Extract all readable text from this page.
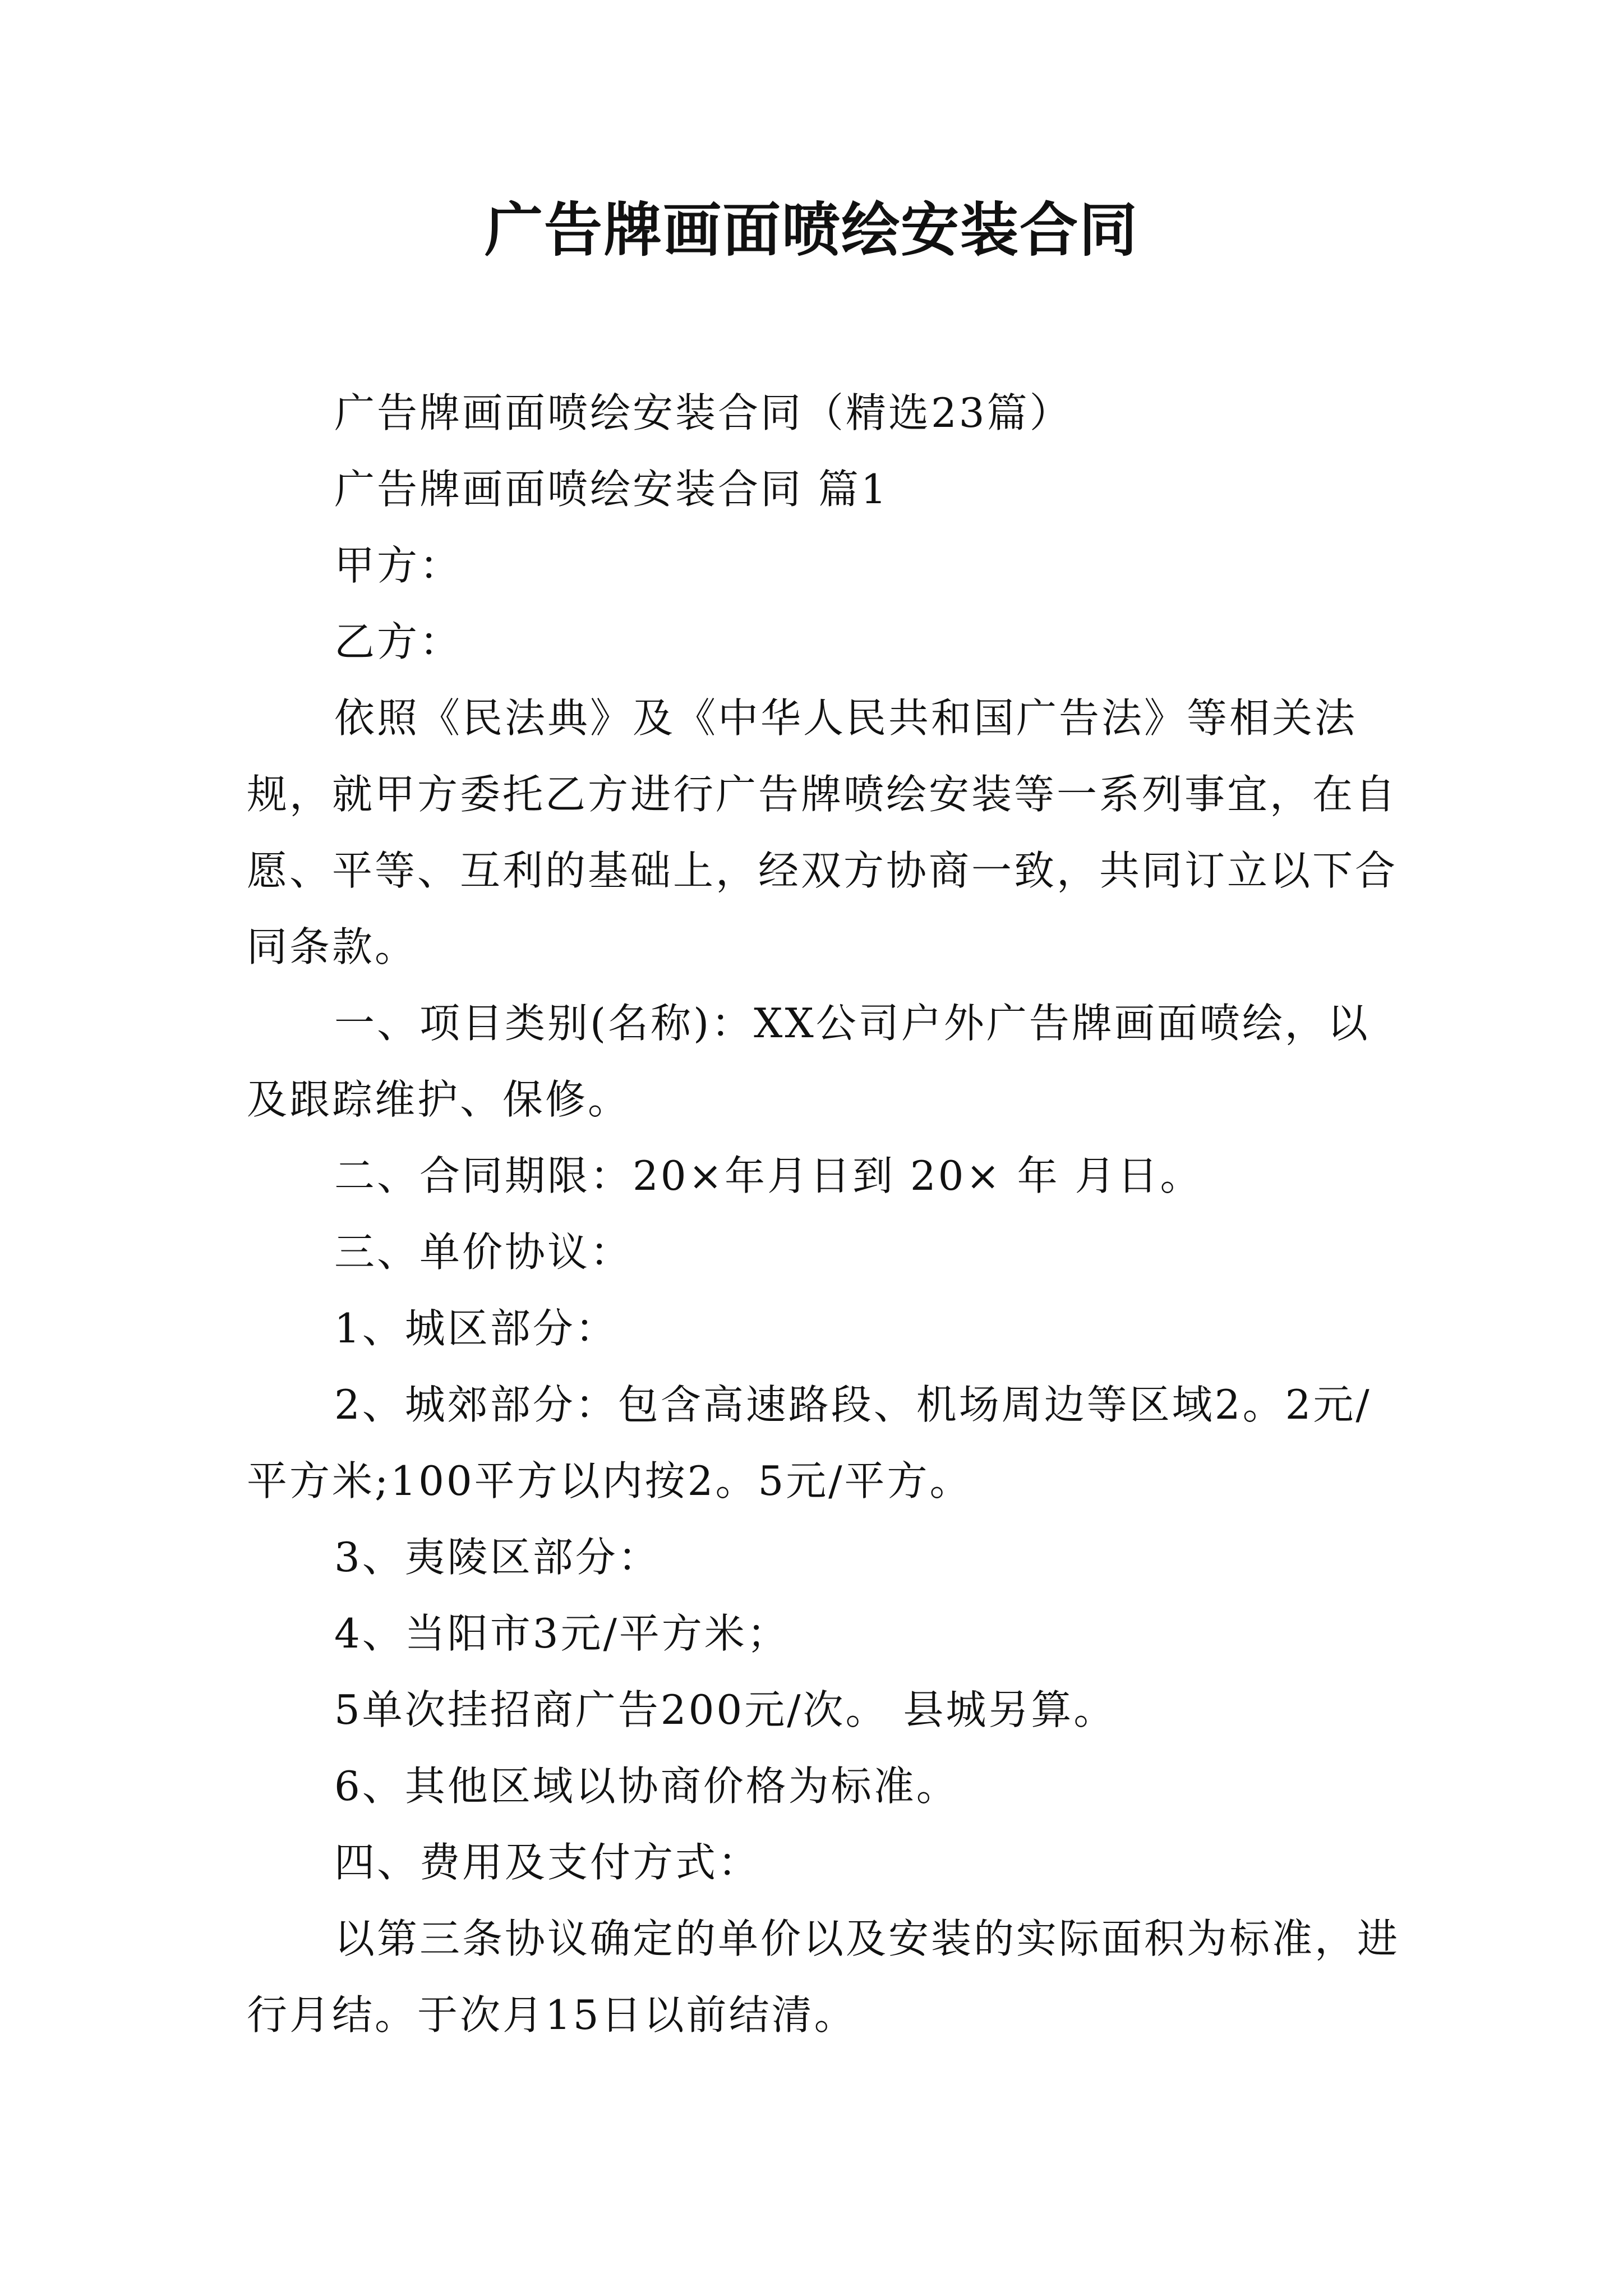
广告牌画面喷绘安装合同

广告牌画面喷绘安装合同（精选23篇）

广告牌画面喷绘安装合同 篇1

甲方：

乙方：

依照《民法典》及《中华人民共和国广告法》等相关法规，就甲方委托乙方进行广告牌喷绘安装等一系列事宜，在自愿、平等、互利的基础上，经双方协商一致，共同订立以下合同条款。

一、项目类别(名称)：XX公司户外广告牌画面喷绘，以及跟踪维护、保修。

二、合同期限：20×年月日到 20× 年 月日。

三、单价协议：

1、城区部分：

2、城郊部分：包含高速路段、机场周边等区域2。2元/平方米;100平方以内按2。5元/平方。

3、夷陵区部分：

4、当阳市3元/平方米；

5单次挂招商广告200元/次。 县城另算。

6、其他区域以协商价格为标准。

四、费用及支付方式：

以第三条协议确定的单价以及安装的实际面积为标准，进行月结。于次月15日以前结清。
